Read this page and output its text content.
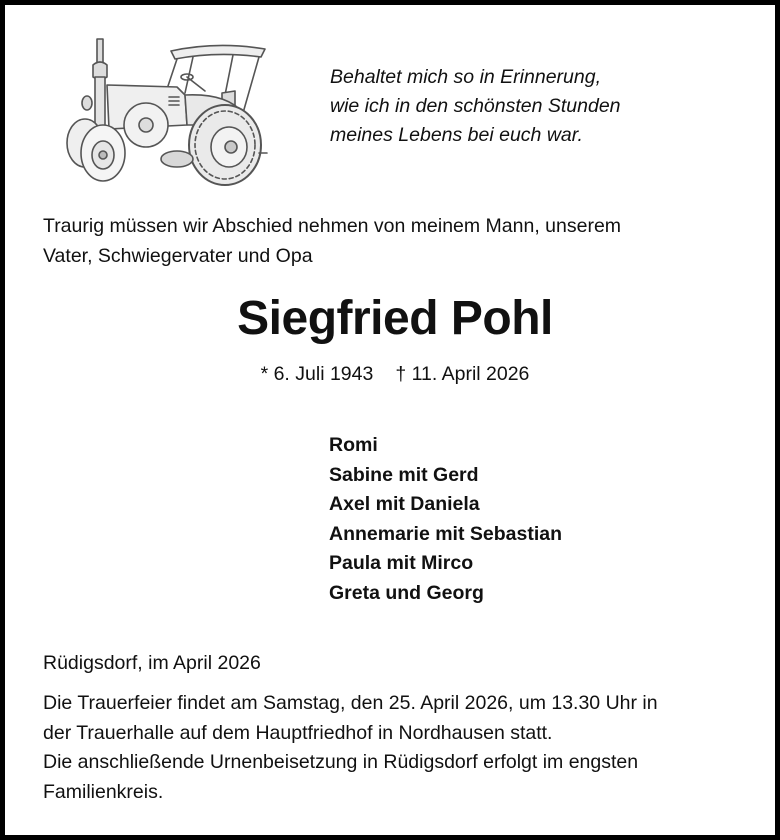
Behaltet mich so in Erinnerung,
wie ich in den schönsten Stunden
meines Lebens bei euch war.
Traurig müssen wir Abschied nehmen von meinem Mann, unserem
Vater, Schwiegervater und Opa
Siegfried Pohl
* 6. Juli 1943 † 11. April 2026
Romi
Sabine mit Gerd
Axel mit Daniela
Annemarie mit Sebastian
Paula mit Mirco
Greta und Georg
Rüdigsdorf, im April 2026
Die Trauerfeier findet am Samstag, den 25. April 2026, um 13.30 Uhr in
der Trauerhalle auf dem Hauptfriedhof in Nordhausen statt.
Die anschließende Urnenbeisetzung in Rüdigsdorf erfolgt im engsten
Familienkreis.
